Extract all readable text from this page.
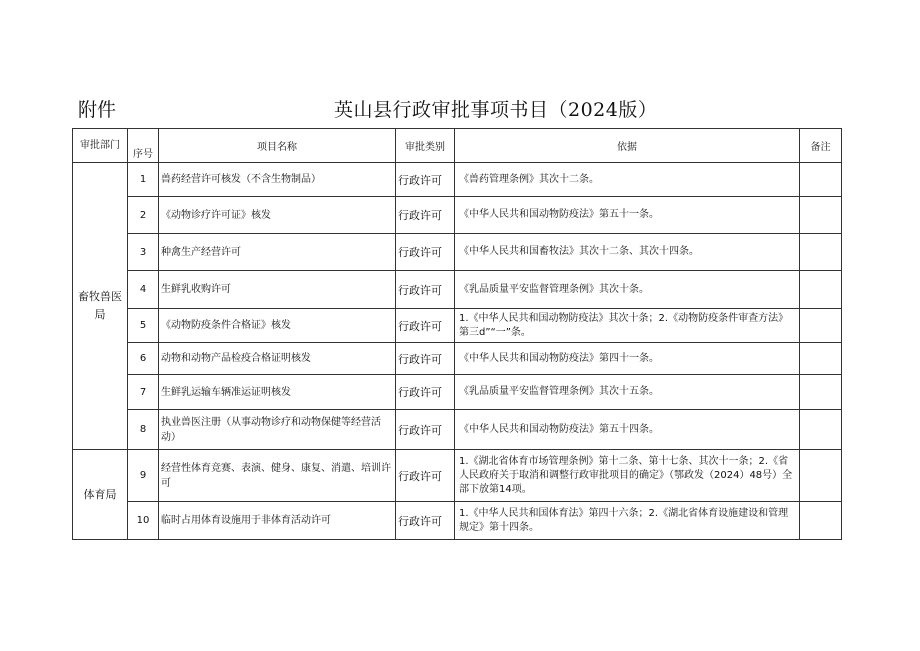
附件	英山县行政审批事项书目（2024版）
审批部门	序号	项目名称	审批类别	依据	备注
畜牧兽医局	1	兽药经营许可核发（不含生物制品）	行政许可	《兽药管理条例》其次十二条。	
	2	《动物诊疗许可证》核发	行政许可	《中华人民共和国动物防疫法》第五十一条。	
	3	种禽生产经营许可	行政许可	《中华人民共和国畜牧法》其次十二条、其次十四条。	
	4	生鲜乳收购许可	行政许可	《乳品质量平安监督管理条例》其次十条。	
	5	《动物防疫条件合格证》核发	行政许可	1.《中华人民共和国动物防疫法》其次十条；2.《动物防疫条件审查方法》第三d”“一”条。	
	6	动物和动物产品检疫合格证明核发	行政许可	《中华人民共和国动物防疫法》第四十一条。	
	7	生鲜乳运输车辆准运证明核发	行政许可	《乳品质量平安监督管理条例》其次十五条。	
	8	执业兽医注册（从事动物诊疗和动物保健等经营活动）	行政许可	《中华人民共和国动物防疫法》第五十四条。	
体育局	9	经营性体育竞赛、表演、健身、康复、消遣、培训许可	行政许可	1.《湖北省体育市场管理条例》第十二条、第十七条、其次十一条；2.《省人民政府关于取消和调整行政审批项目的确定》（鄂政发（2024）48号）全部下放第14项。	
	10	临时占用体育设施用于非体育活动许可	行政许可	1.《中华人民共和国体育法》第四十六条；2.《湖北省体育设施建设和管理规定》第十四条。	
